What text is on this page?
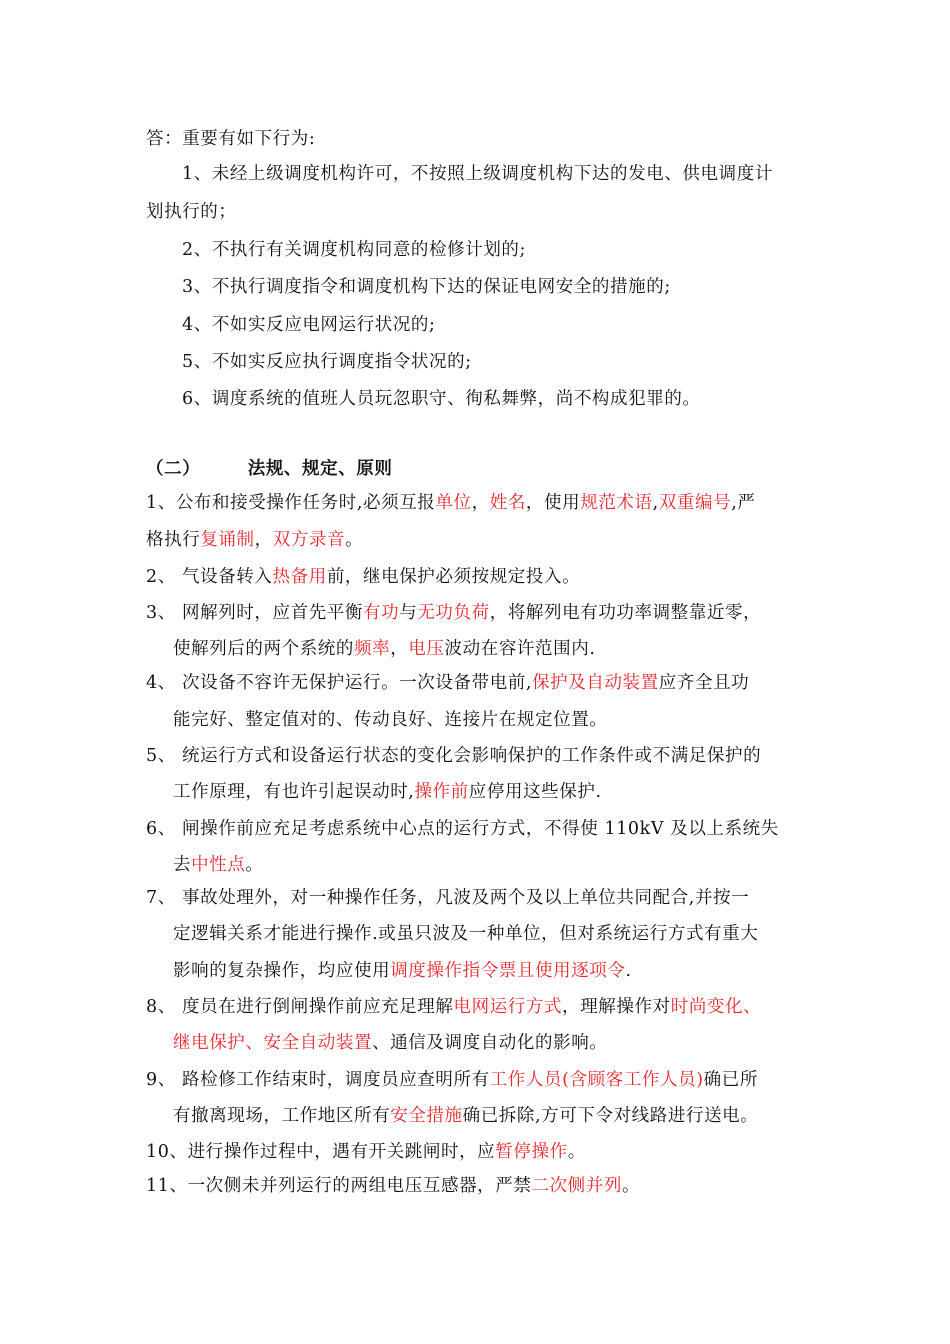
答：重要有如下行为:
1、未经上级调度机构许可，不按照上级调度机构下达的发电、供电调度计
划执行的；
2、不执行有关调度机构同意的检修计划的;
3、不执行调度指令和调度机构下达的保证电网安全的措施的;
4、不如实反应电网运行状况的;
5、不如实反应执行调度指令状况的;
6、调度系统的值班人员玩忽职守、徇私舞弊，尚不构成犯罪的。
（二）	法规、规定、原则
1、公布和接受操作任务时,必须互报单位，姓名，使用规范术语,双重编号,严
格执行复诵制，双方录音。
2、 气设备转入热备用前，继电保护必须按规定投入。
3、 网解列时，应首先平衡有功与无功负荷，将解列电有功功率调整靠近零，
使解列后的两个系统的频率，电压波动在容许范围内.
4、 次设备不容许无保护运行。一次设备带电前,保护及自动装置应齐全且功
能完好、整定值对的、传动良好、连接片在规定位置。
5、 统运行方式和设备运行状态的变化会影响保护的工作条件或不满足保护的
工作原理，有也许引起误动时,操作前应停用这些保护.
6、 闸操作前应充足考虑系统中心点的运行方式，不得使 110kV 及以上系统失
去中性点。
7、 事故处理外，对一种操作任务，凡波及两个及以上单位共同配合,并按一
定逻辑关系才能进行操作.或虽只波及一种单位，但对系统运行方式有重大
影响的复杂操作，均应使用调度操作指令票且使用逐项令.
8、 度员在进行倒闸操作前应充足理解电网运行方式，理解操作对时尚变化、
继电保护、安全自动装置、通信及调度自动化的影响。
9、 路检修工作结束时，调度员应查明所有工作人员(含顾客工作人员)确已所
有撤离现场，工作地区所有安全措施确已拆除,方可下令对线路进行送电。
10、进行操作过程中，遇有开关跳闸时，应暂停操作。
11、一次侧未并列运行的两组电压互感器，严禁二次侧并列。
